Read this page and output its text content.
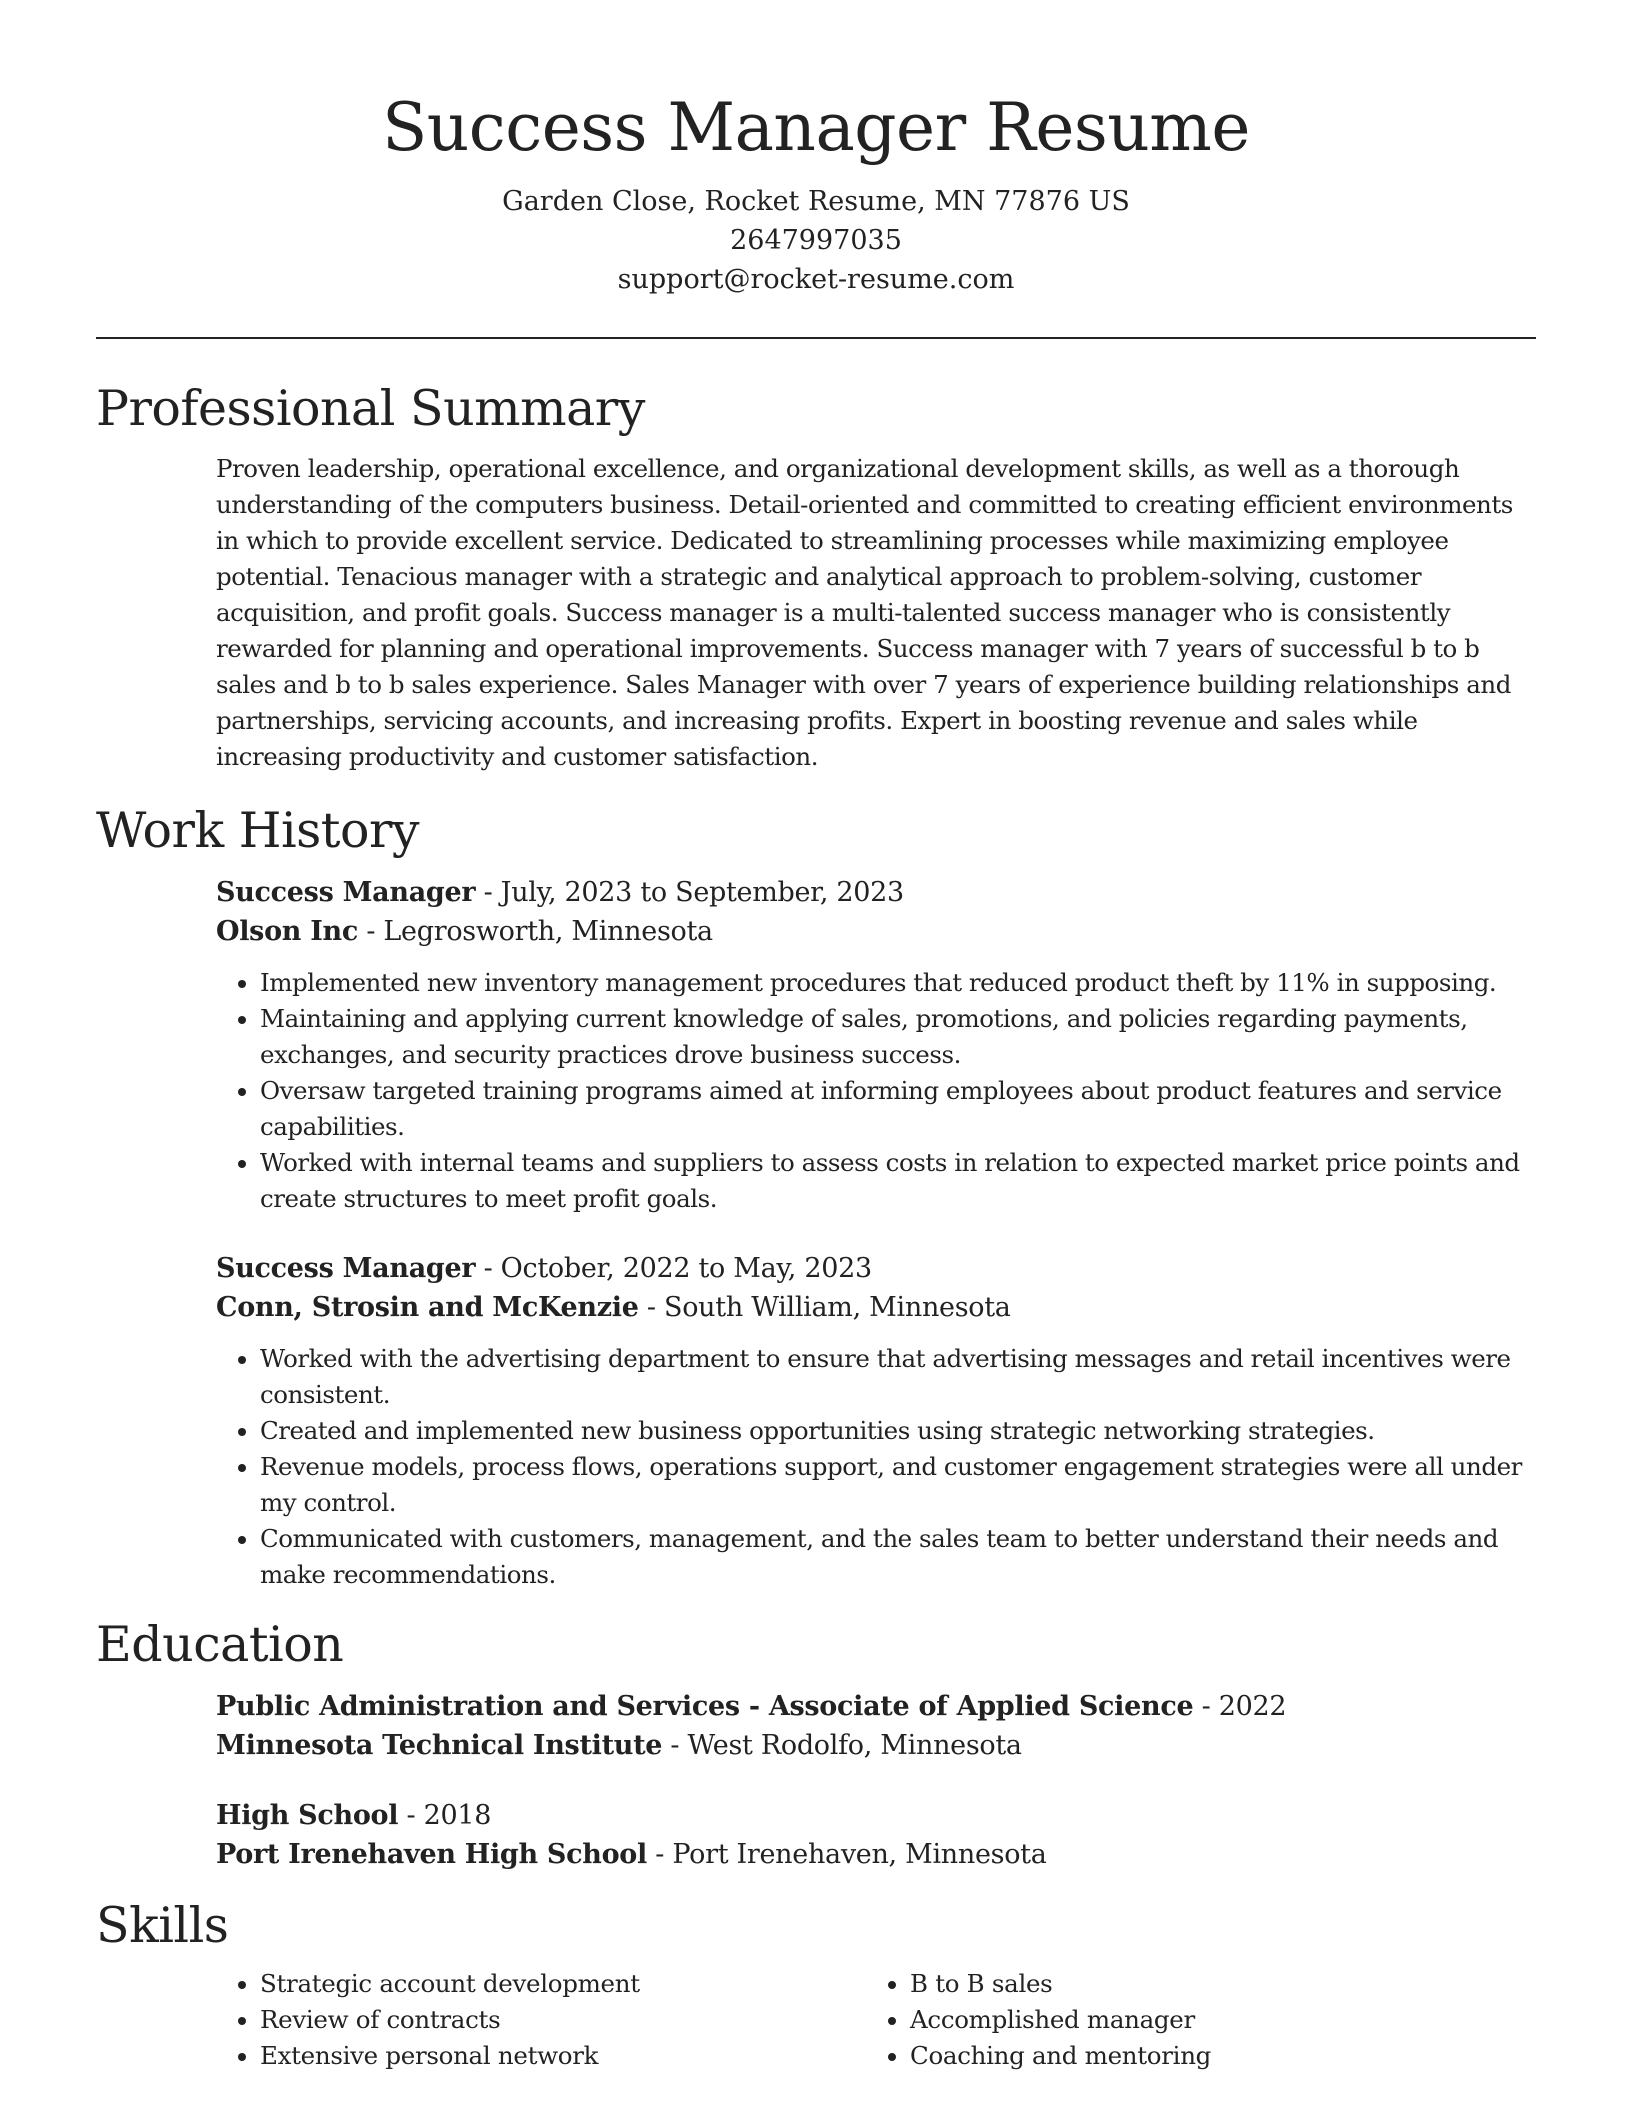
Success Manager Resume
Garden Close, Rocket Resume, MN 77876 US
2647997035
support@rocket-resume.com
Professional Summary

Proven leadership, operational excellence, and organizational development skills, as well as a thorough understanding of the computers business. Detail-oriented and committed to creating efficient environments in which to provide excellent service. Dedicated to streamlining processes while maximizing employee potential. Tenacious manager with a strategic and analytical approach to problem-solving, customer acquisition, and profit goals. Success manager is a multi-talented success manager who is consistently rewarded for planning and operational improvements. Success manager with 7 years of successful b to b sales and b to b sales experience. Sales Manager with over 7 years of experience building relationships and partnerships, servicing accounts, and increasing profits. Expert in boosting revenue and sales while increasing productivity and customer satisfaction.

Work History
Success Manager - July, 2023 to September, 2023
Olson Inc - Legrosworth, Minnesota
• Implemented new inventory management procedures that reduced product theft by 11% in supposing.
• Maintaining and applying current knowledge of sales, promotions, and policies regarding payments, exchanges, and security practices drove business success.
• Oversaw targeted training programs aimed at informing employees about product features and service capabilities.
• Worked with internal teams and suppliers to assess costs in relation to expected market price points and create structures to meet profit goals.
Success Manager - October, 2022 to May, 2023
Conn, Strosin and McKenzie - South William, Minnesota
• Worked with the advertising department to ensure that advertising messages and retail incentives were consistent.
• Created and implemented new business opportunities using strategic networking strategies.
• Revenue models, process flows, operations support, and customer engagement strategies were all under my control.
• Communicated with customers, management, and the sales team to better understand their needs and make recommendations.
Education
Public Administration and Services - Associate of Applied Science - 2022
Minnesota Technical Institute - West Rodolfo, Minnesota
High School - 2018
Port Irenehaven High School - Port Irenehaven, Minnesota
Skills
• Strategic account development
• Review of contracts
• Extensive personal network
• B to B sales
• Accomplished manager
• Coaching and mentoring
